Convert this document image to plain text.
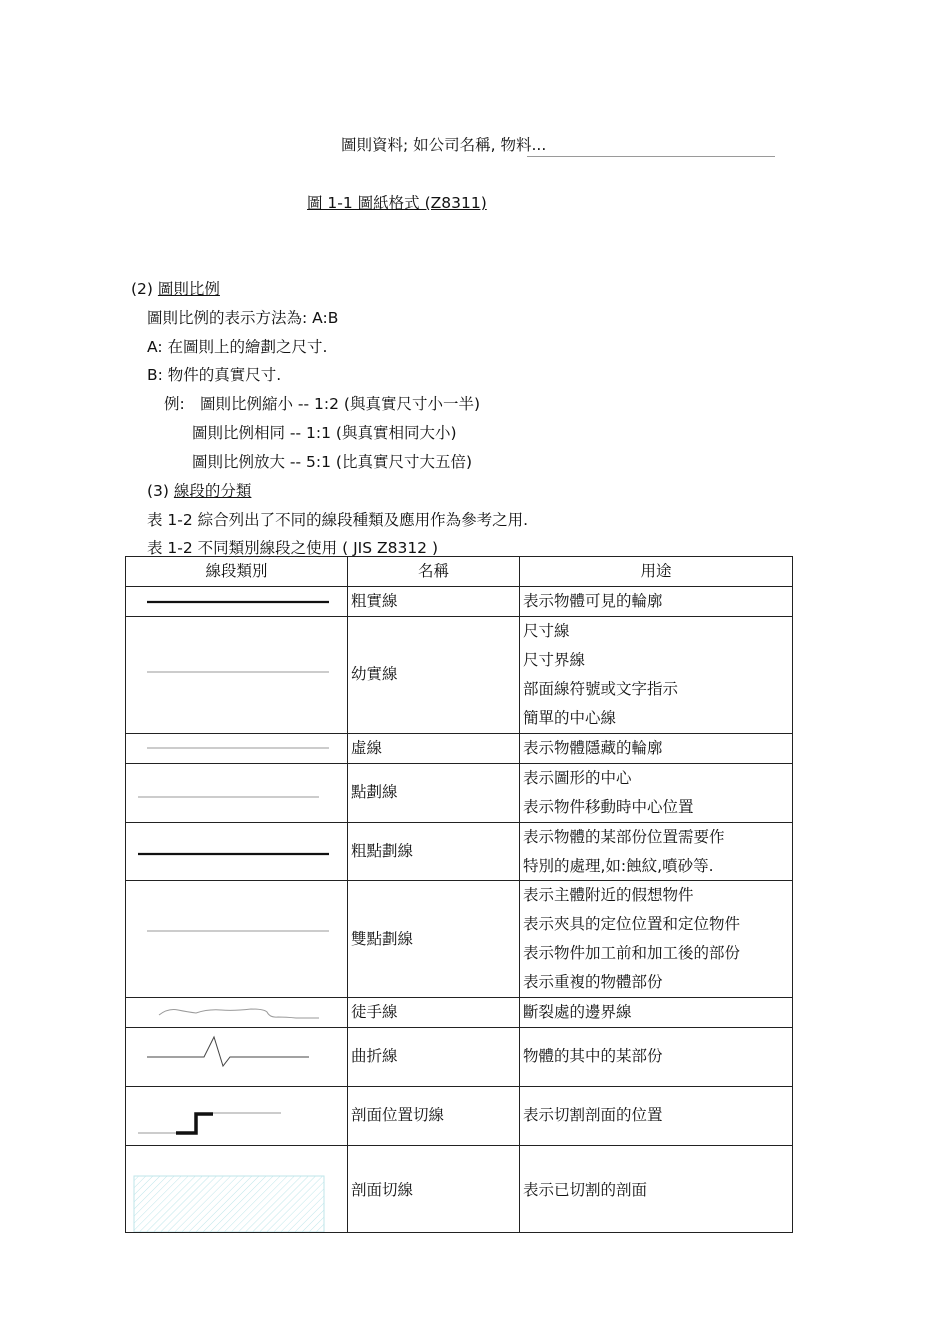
圖則資料; 如公司名稱, 物料...
圖 1-1 圖紙格式 (Z8311)
(2) 圖則比例
圖則比例的表示方法為: A:B
A: 在圖則上的繪劃之尺寸.
B: 物件的真實尺寸.
例: 圖則比例縮小 -- 1:2 (與真實尺寸小一半)
圖則比例相同 -- 1:1 (與真實相同大小)
圖則比例放大 -- 5:1 (比真實尺寸大五倍)
(3) 線段的分類
表 1-2 綜合列出了不同的線段種類及應用作為參考之用.
表 1-2 不同類別線段之使用 ( JIS Z8312 )
線段類別	名稱	用途

	粗實線	表示物體可見的輪廓

	幼實線	尺寸線
尺寸界線
部面線符號或文字指示
簡單的中心線

	虛線	表示物體隱藏的輪廓

	點劃線	表示圖形的中心
表示物件移動時中心位置

	粗點劃線	表示物體的某部份位置需要作
特別的處理,如:蝕紋,噴砂等.

	雙點劃線	表示主體附近的假想物件
表示夾具的定位位置和定位物件
表示物件加工前和加工後的部份
表示重複的物體部份

	徒手線	斷裂處的邊界線

	曲折線	物體的其中的某部份

	剖面位置切線	表示切割剖面的位置

	剖面切線	表示已切割的剖面
